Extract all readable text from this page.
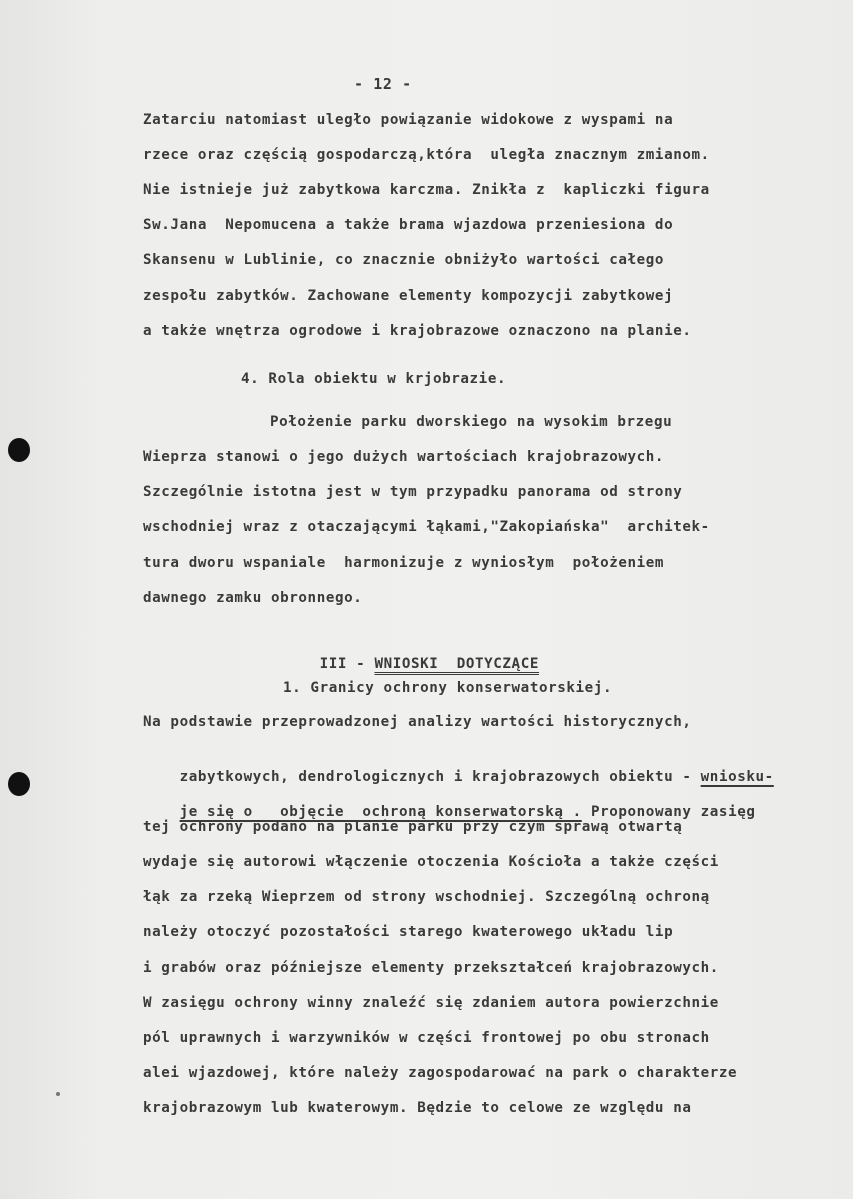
- 12 -
Zatarciu natomiast uległo powiązanie widokowe z wyspami na
rzece oraz częścią gospodarczą,która  uległa znacznym zmianom.
Nie istnieje już zabytkowa karczma. Znikła z  kapliczki figura
Sw.Jana  Nepomucena a także brama wjazdowa przeniesiona do
Skansenu w Lublinie, co znacznie obniżyło wartości całego
zespołu zabytków. Zachowane elementy kompozycji zabytkowej
a także wnętrza ogrodowe i krajobrazowe oznaczono na planie.
4. Rola obiektu w krjobrazie.
Położenie parku dworskiego na wysokim brzegu
Wieprza stanowi o jego dużych wartościach krajobrazowych.
Szczególnie istotna jest w tym przypadku panorama od strony
wschodniej wraz z otaczającymi łąkami,"Zakopiańska"  architek-
tura dworu wspaniale  harmonizuje z wyniosłym  położeniem
dawnego zamku obronnego.

III - WNIOSKI  DOTYCZĄCE

1. Granicy ochrony konserwatorskiej.
Na podstawie przeprowadzonej analizy wartości historycznych,

zabytkowych, dendrologicznych i krajobrazowych obiektu - wniosku-

je się o   objęcie  ochroną konserwatorską . Proponowany zasięg

tej ochrony podano na planie parku przy czym sprawą otwartą
wydaje się autorowi włączenie otoczenia Kościoła a także części
łąk za rzeką Wieprzem od strony wschodniej. Szczególną ochroną
należy otoczyć pozostałości starego kwaterowego układu lip
i grabów oraz późniejsze elementy przekształceń krajobrazowych.
W zasięgu ochrony winny znaleźć się zdaniem autora powierzchnie
pól uprawnych i warzywników w części frontowej po obu stronach
alei wjazdowej, które należy zagospodarować na park o charakterze
krajobrazowym lub kwaterowym. Będzie to celowe ze względu na
